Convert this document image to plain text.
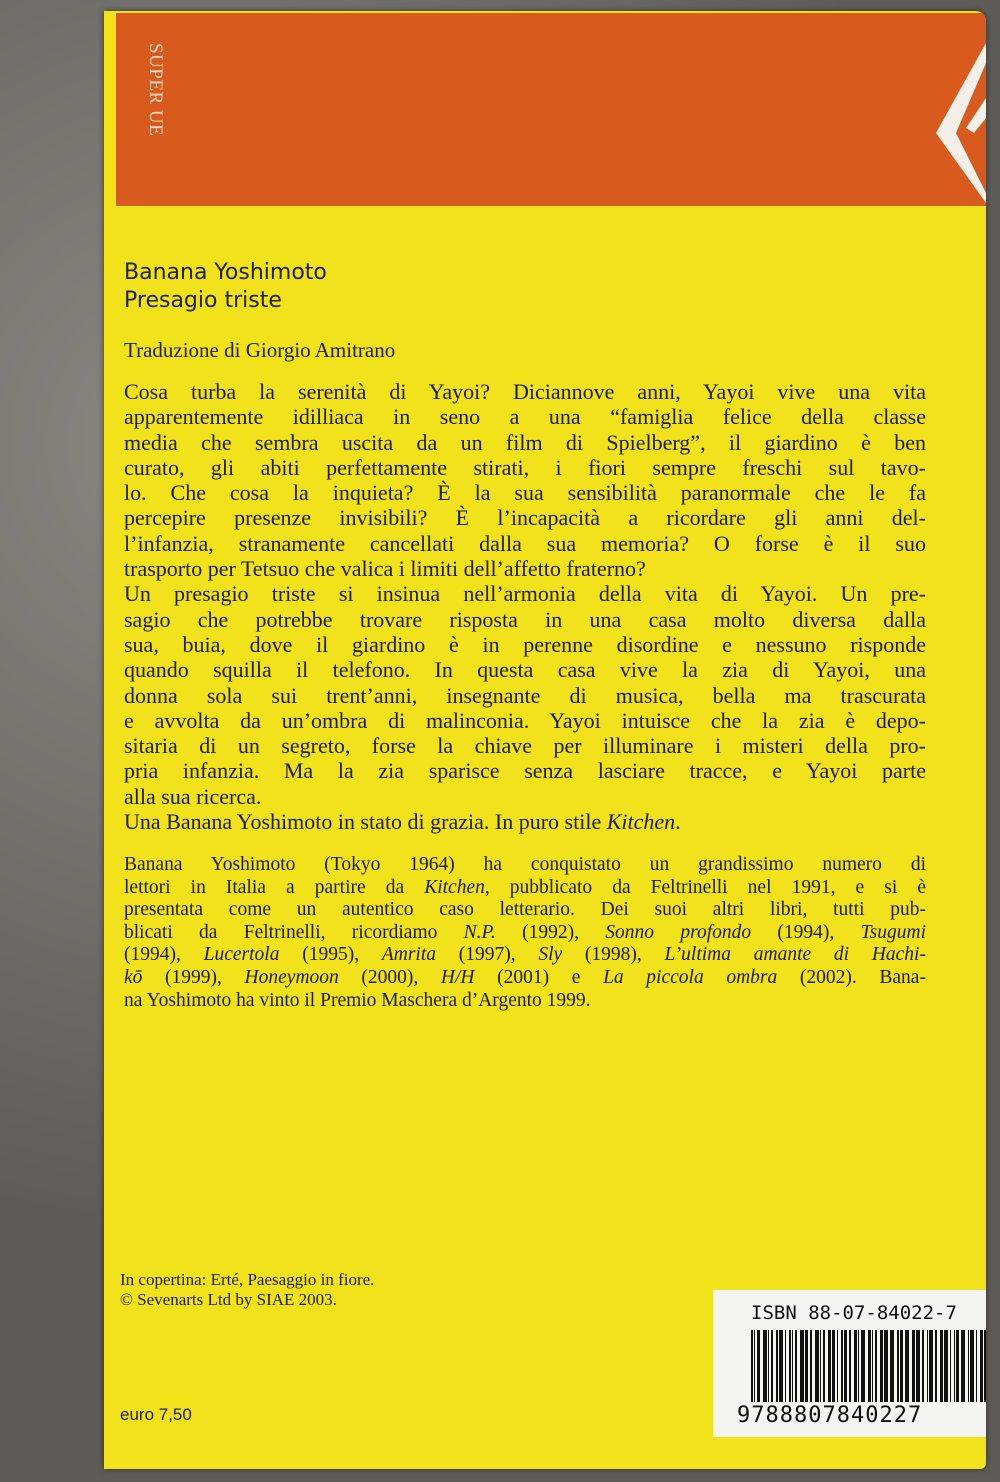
SUPER UE
Banana Yoshimoto
Presagio triste
Traduzione di Giorgio Amitrano
Cosa turba la serenità di Yayoi? Diciannove anni, Yayoi vive una vita
apparentemente idilliaca in seno a una “famiglia felice della classe
media che sembra uscita da un film di Spielberg”, il giardino è ben
curato, gli abiti perfettamente stirati, i fiori sempre freschi sul tavo-
lo. Che cosa la inquieta? È la sua sensibilità paranormale che le fa
percepire presenze invisibili? È l’incapacità a ricordare gli anni del-
l’infanzia, stranamente cancellati dalla sua memoria? O forse è il suo
trasporto per Tetsuo che valica i limiti dell’affetto fraterno?
Un presagio triste si insinua nell’armonia della vita di Yayoi. Un pre-
sagio che potrebbe trovare risposta in una casa molto diversa dalla
sua, buia, dove il giardino è in perenne disordine e nessuno risponde
quando squilla il telefono. In questa casa vive la zia di Yayoi, una
donna sola sui trent’anni, insegnante di musica, bella ma trascurata
e avvolta da un’ombra di malinconia. Yayoi intuisce che la zia è depo-
sitaria di un segreto, forse la chiave per illuminare i misteri della pro-
pria infanzia. Ma la zia sparisce senza lasciare tracce, e Yayoi parte
alla sua ricerca.
Una Banana Yoshimoto in stato di grazia. In puro stile Kitchen.
Banana Yoshimoto (Tokyo 1964) ha conquistato un grandissimo numero di
lettori in Italia a partire da Kitchen, pubblicato da Feltrinelli nel 1991, e si è
presentata come un autentico caso letterario. Dei suoi altri libri, tutti pub-
blicati da Feltrinelli, ricordiamo N.P. (1992), Sonno profondo (1994), Tsugumi
(1994), Lucertola (1995), Amrita (1997), Sly (1998), L’ultima amante di Hachi-
kō (1999), Honeymoon (2000), H/H (2001) e La piccola ombra (2002). Bana-
na Yoshimoto ha vinto il Premio Maschera d’Argento 1999.
In copertina: Erté, Paesaggio in fiore.
© Sevenarts Ltd by SIAE 2003.
euro 7,50
ISBN 88-07-84022-7
9788807840227
